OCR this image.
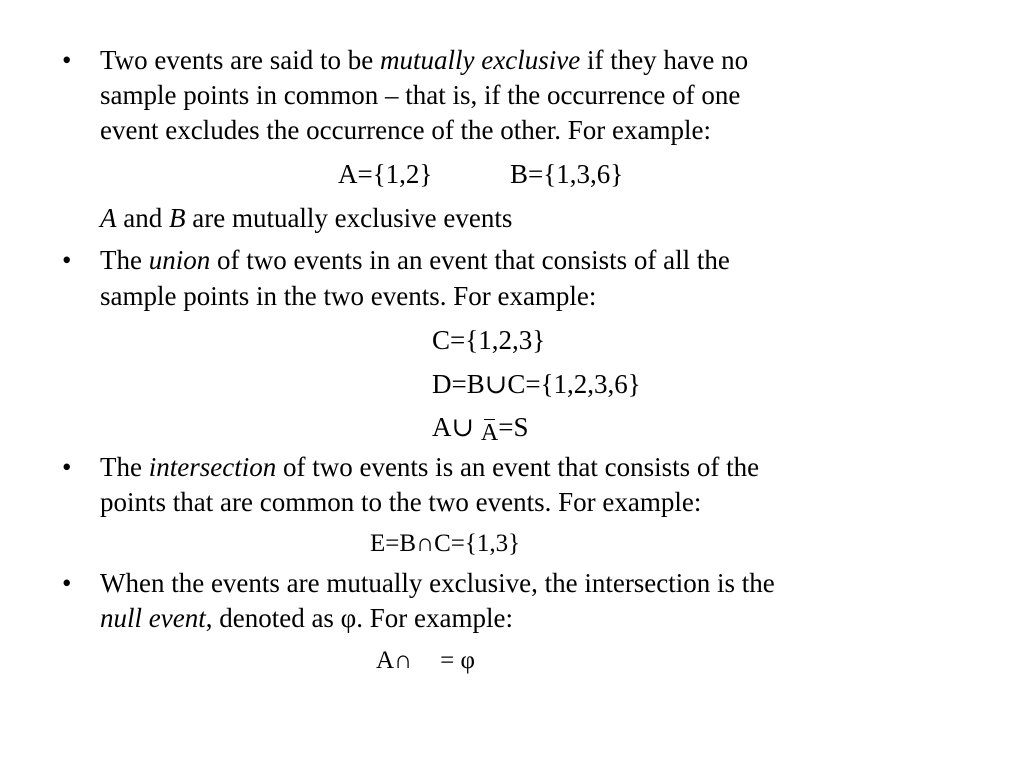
• Two events are said to be mutually exclusive if they have no
sample points in common – that is, if the occurrence of one
event excludes the occurrence of the other. For example:
A={1,2}	B={1,3,6}
A and B are mutually exclusive events
• The union of two events in an event that consists of all the
sample points in the two events. For example:
C={1,2,3}
D=B∪C={1,2,3,6}
A∪ A=S
• The intersection of two events is an event that consists of the
points that are common to the two events. For example:
E=B∩C={1,3}
• When the events are mutually exclusive, the intersection is the
null event, denoted as φ. For example:
A∩ = φ
